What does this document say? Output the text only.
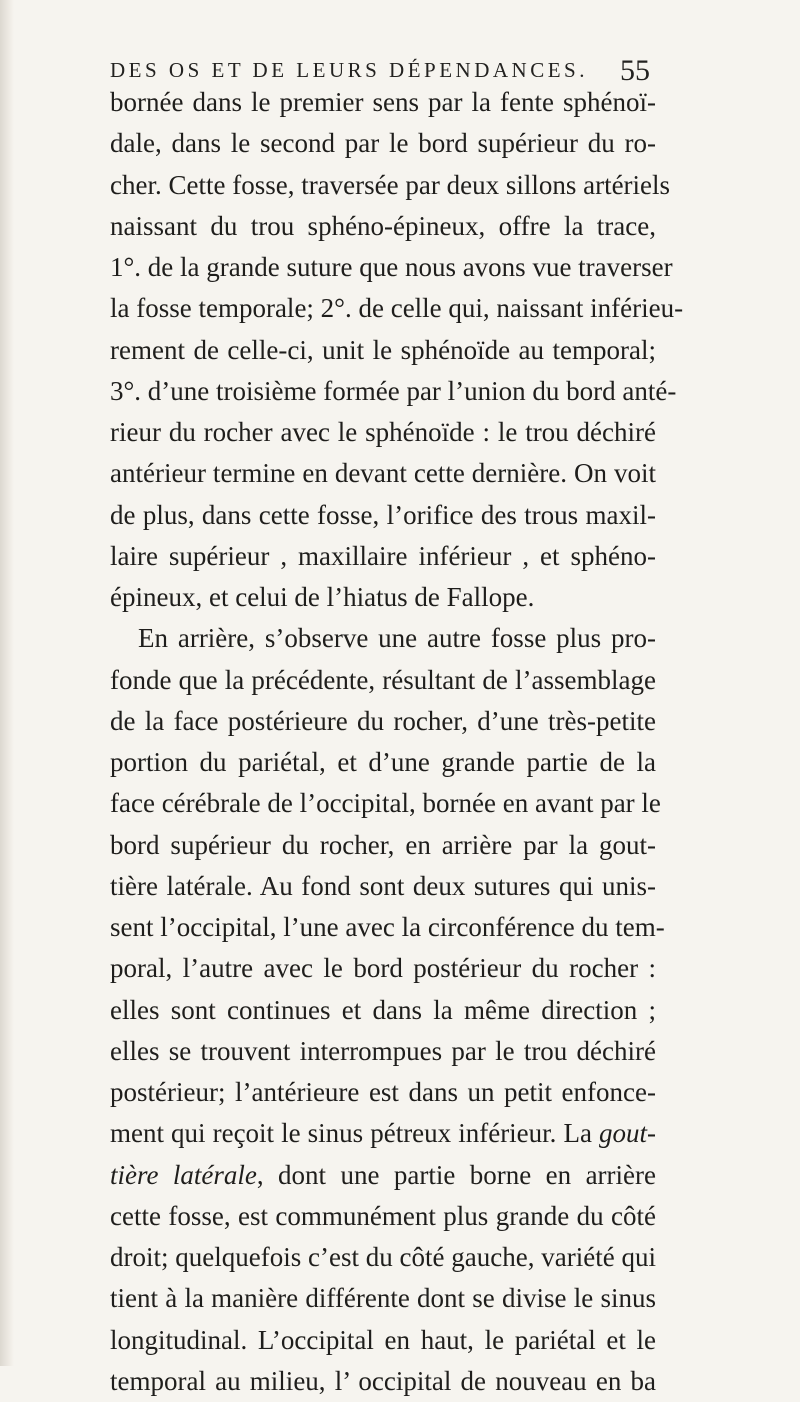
DES OS ET DE LEURS DÉPENDANCES. 55
bornée dans le premier sens par la fente sphénoï-
dale, dans le second par le bord supérieur du ro-
cher. Cette fosse, traversée par deux sillons artériels
naissant du trou sphéno-épineux, offre la trace,
1°. de la grande suture que nous avons vue traverser
la fosse temporale; 2°. de celle qui, naissant inférieu-
rement de celle-ci, unit le sphénoïde au temporal;
3°. d’une troisième formée par l’union du bord anté-
rieur du rocher avec le sphénoïde : le trou déchiré
antérieur termine en devant cette dernière. On voit
de plus, dans cette fosse, l’orifice des trous maxil-
laire supérieur , maxillaire inférieur , et sphéno-
épineux, et celui de l’hiatus de Fallope.
En arrière, s’observe une autre fosse plus pro-
fonde que la précédente, résultant de l’assemblage
de la face postérieure du rocher, d’une très-petite
portion du pariétal, et d’une grande partie de la
face cérébrale de l’occipital, bornée en avant par le
bord supérieur du rocher, en arrière par la gout-
tière latérale. Au fond sont deux sutures qui unis-
sent l’occipital, l’une avec la circonférence du tem-
poral, l’autre avec le bord postérieur du rocher :
elles sont continues et dans la même direction ;
elles se trouvent interrompues par le trou déchiré
postérieur; l’antérieure est dans un petit enfonce-
ment qui reçoit le sinus pétreux inférieur. La gout-
tière latérale, dont une partie borne en arrière
cette fosse, est communément plus grande du côté
droit; quelquefois c’est du côté gauche, variété qui
tient à la manière différente dont se divise le sinus
longitudinal. L’occipital en haut, le pariétal et le
temporal au milieu, l’ occipital de nouveau en ba
